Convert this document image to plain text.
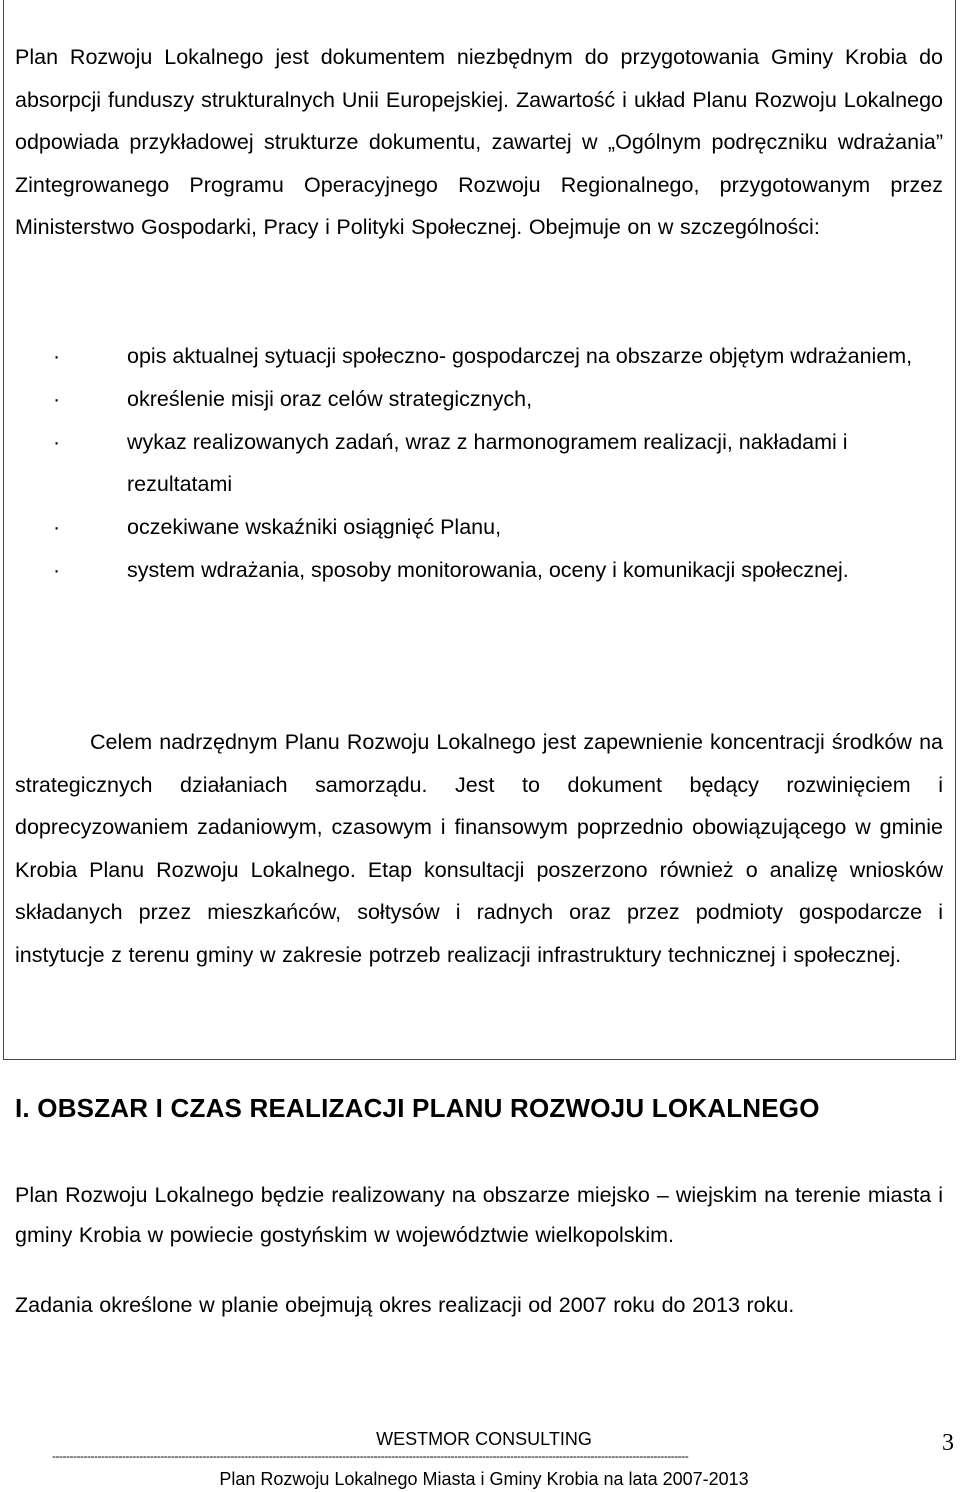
Plan Rozwoju Lokalnego jest dokumentem niezbędnym do przygotowania Gminy Krobia do absorpcji funduszy strukturalnych Unii Europejskiej. Zawartość i układ Planu Rozwoju Lokalnego odpowiada przykładowej strukturze dokumentu, zawartej w „Ogólnym podręczniku wdrażania” Zintegrowanego Programu Operacyjnego Rozwoju Regionalnego, przygotowanym przez Ministerstwo Gospodarki, Pracy i Polityki Społecznej. Obejmuje on w szczególności:

·	opis aktualnej sytuacji społeczno- gospodarczej na obszarze objętym wdrażaniem,
·	określenie misji oraz celów strategicznych,
·	wykaz realizowanych zadań, wraz z harmonogramem realizacji, nakładami i rezultatami
·	oczekiwane wskaźniki osiągnięć Planu,
·	system wdrażania, sposoby monitorowania, oceny i komunikacji społecznej.

Celem nadrzędnym Planu Rozwoju Lokalnego jest zapewnienie koncentracji środków na strategicznych działaniach samorządu. Jest to dokument będący rozwinięciem i doprecyzowaniem zadaniowym, czasowym i finansowym poprzednio obowiązującego w gminie Krobia Planu Rozwoju Lokalnego. Etap konsultacji poszerzono również o analizę wniosków składanych przez mieszkańców, sołtysów i radnych oraz przez podmioty gospodarcze i instytucje z terenu gminy w zakresie potrzeb realizacji infrastruktury technicznej i społecznej.

I. OBSZAR I CZAS REALIZACJI PLANU ROZWOJU LOKALNEGO

Plan Rozwoju Lokalnego będzie realizowany na obszarze miejsko – wiejskim na terenie miasta i gminy Krobia w powiecie gostyńskim w województwie wielkopolskim.

Zadania określone w planie obejmują okres realizacji od 2007 roku do 2013 roku.

WESTMOR CONSULTING
--------------------------------------------------------------------------------------------------------------------------------------------------------------------------------------
Plan Rozwoju Lokalnego Miasta i Gminy Krobia na lata 2007-2013
3
